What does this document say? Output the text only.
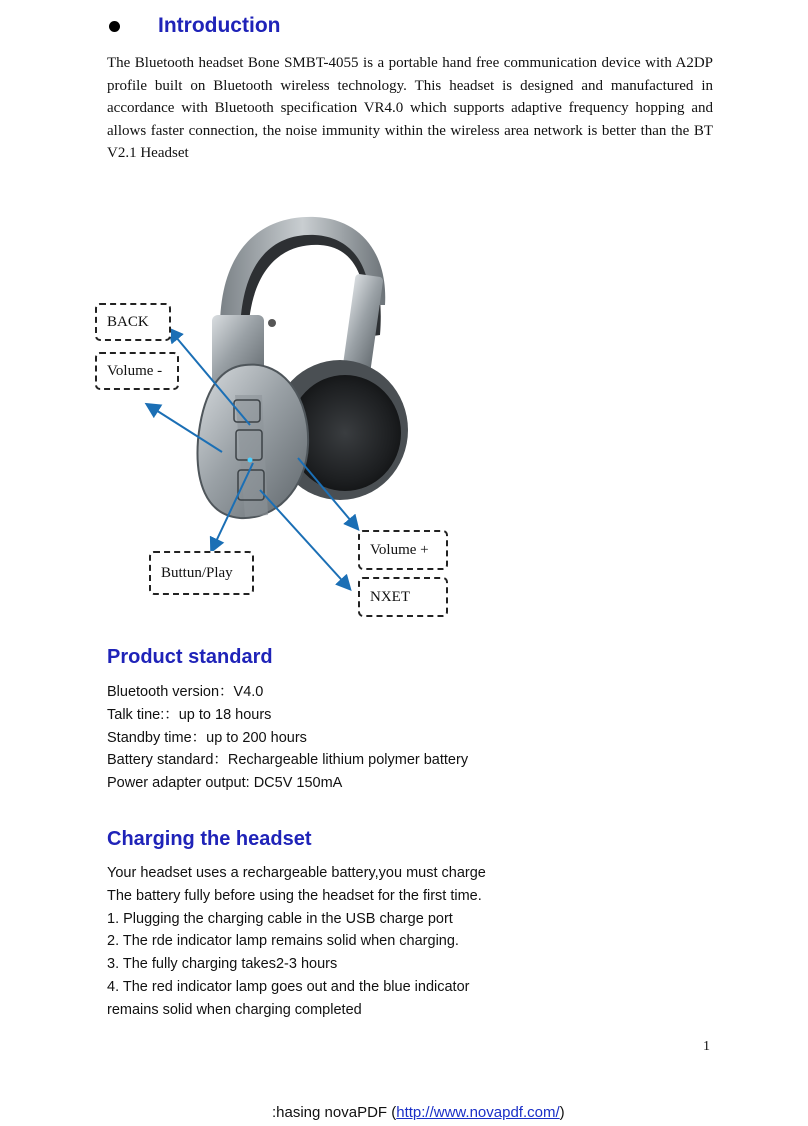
Introduction

The Bluetooth headset Bone SMBT-4055 is a portable hand free communication device with A2DP profile built on Bluetooth wireless technology. This headset is designed and manufactured in accordance with Bluetooth specification VR4.0 which supports adaptive frequency hopping and allows faster connection, the noise immunity within the wireless area network is better than the BT V2.1 Headset

BACK
Volume -
Buttun/Play
Volume +
NXET
Product standard
Bluetooth version：V4.0
Talk tine:：up to 18 hours
Standby time：up to 200 hours
Battery standard：Rechargeable lithium polymer battery
Power adapter output: DC5V 150mA
Charging the headset
Your headset uses a rechargeable battery,you must charge
The battery fully before using the headset for the first time.
1. Plugging the charging cable in the USB charge port
2. The rde indicator lamp remains solid when charging.
3. The fully charging takes2-3 hours
4. The red indicator lamp goes out and the blue indicator
remains solid when charging completed
1
:hasing novaPDF (http://www.novapdf.com/)
